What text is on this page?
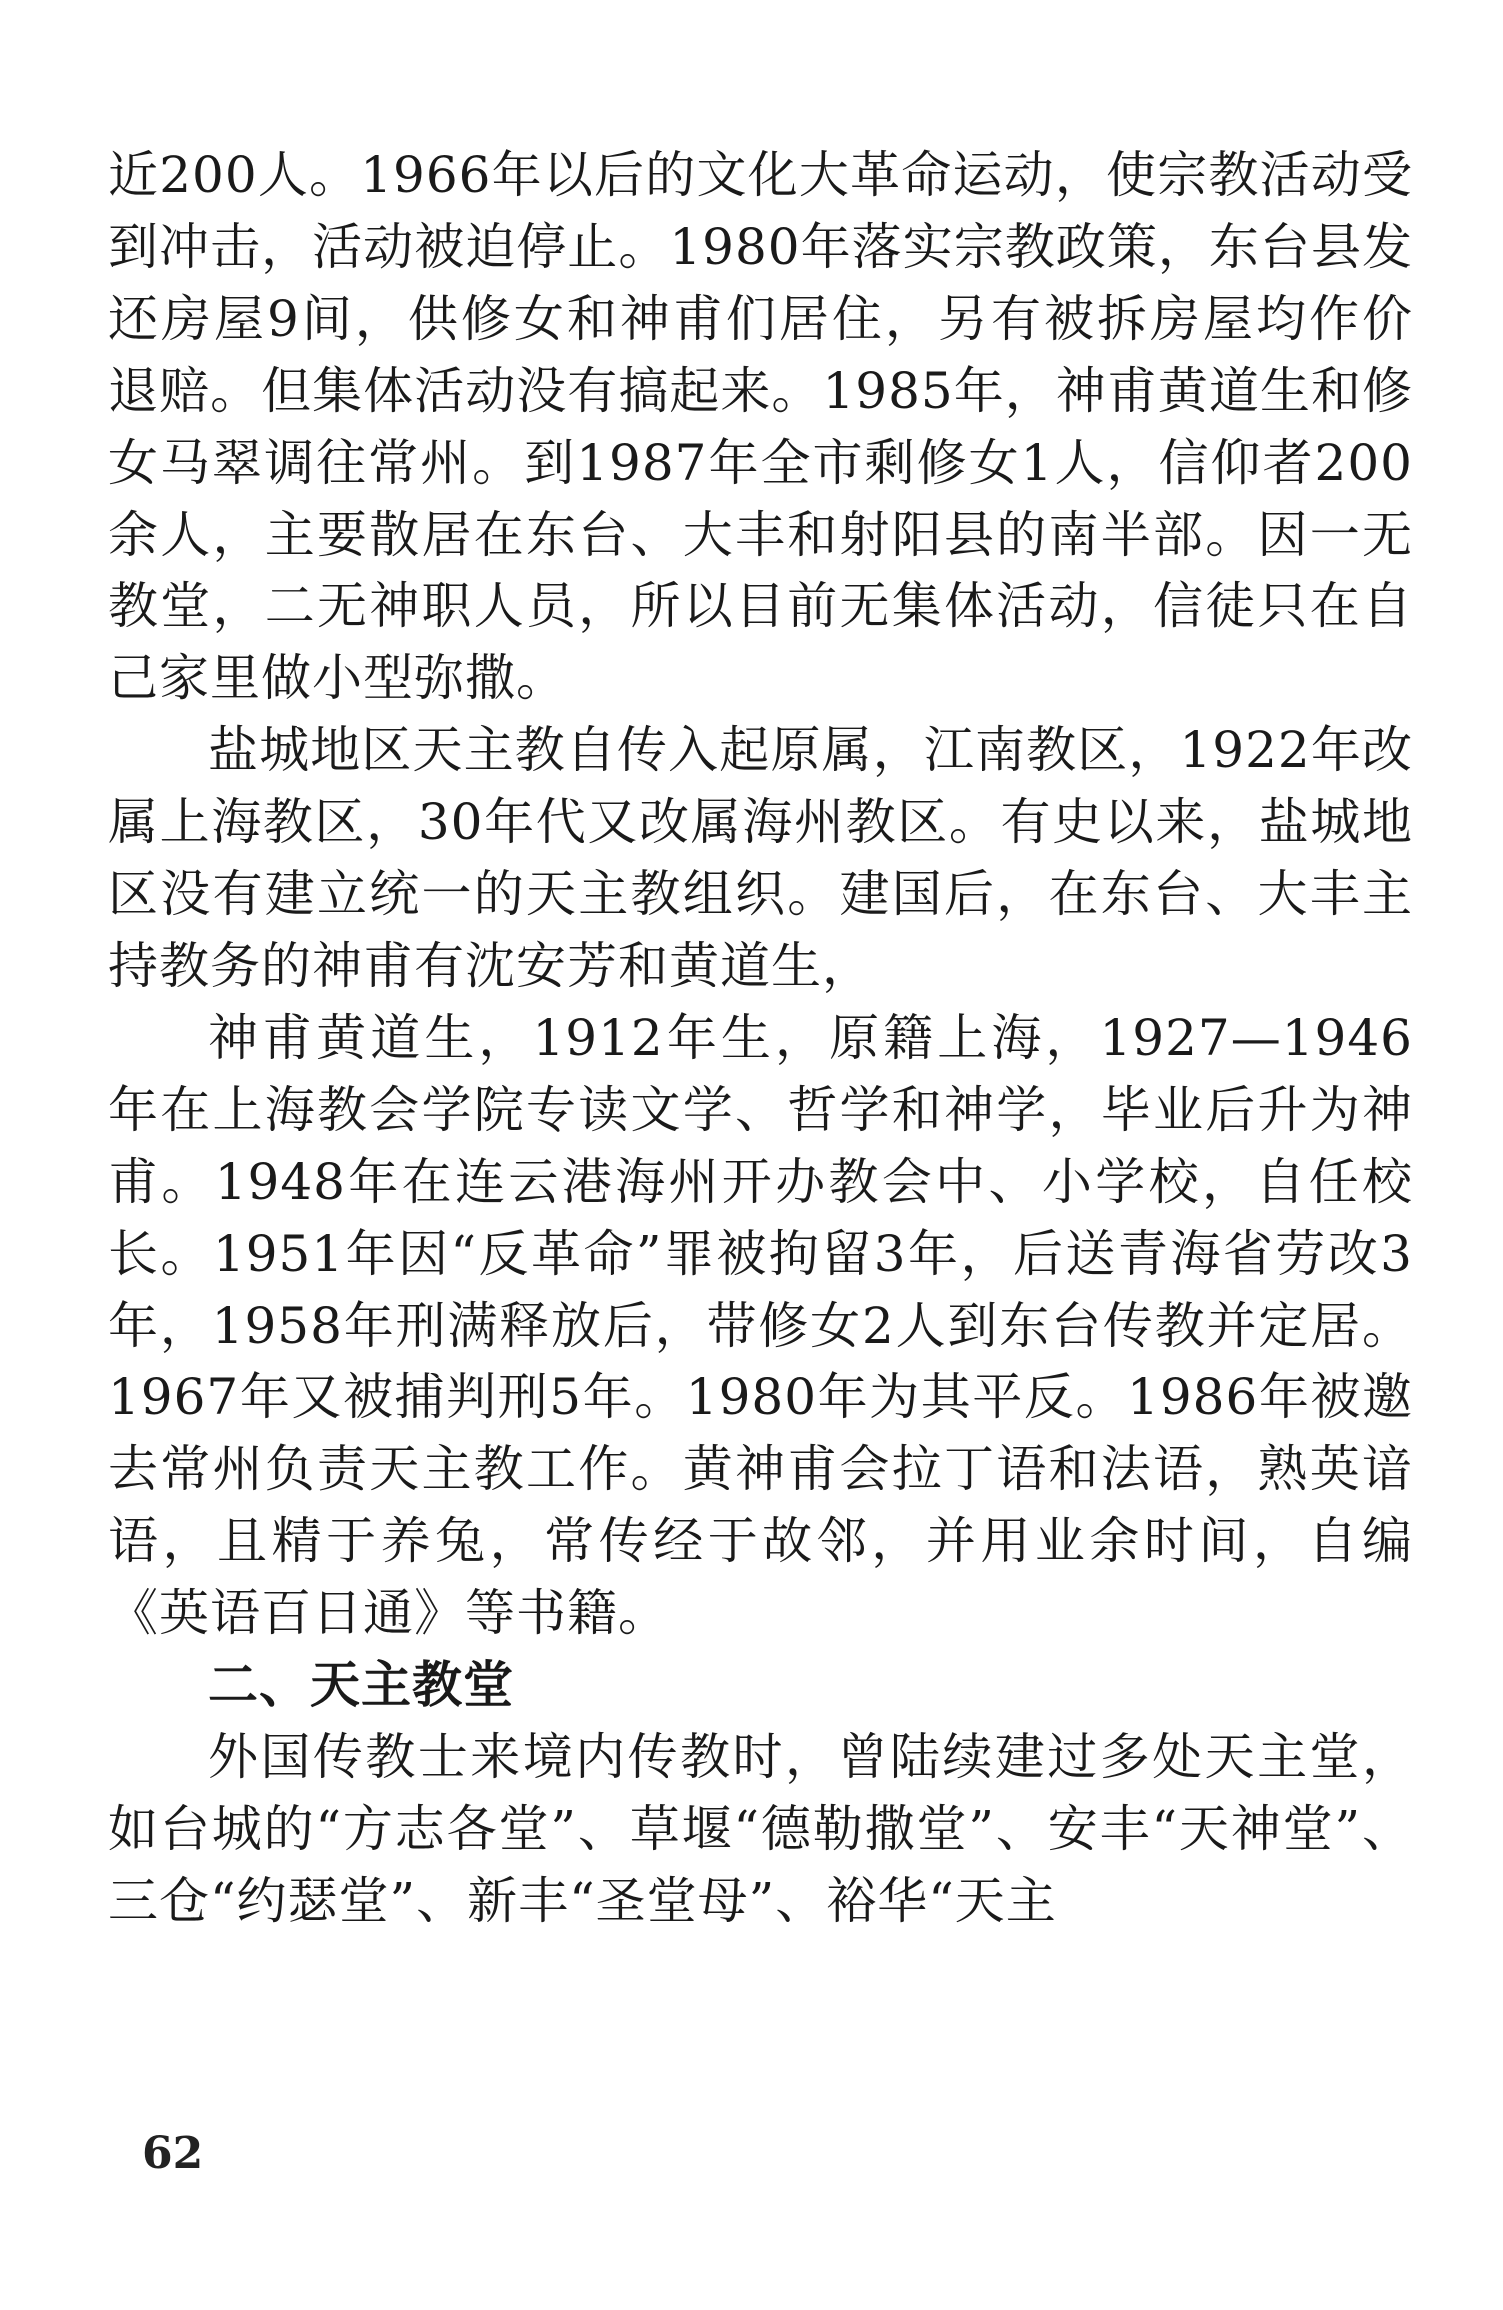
近200人。1966年以后的文化大革命运动，使宗教活动受到冲击，活动被迫停止。1980年落实宗教政策，东台县发还房屋9间，供修女和神甫们居住，另有被拆房屋均作价退赔。但集体活动没有搞起来。1985年，神甫黄道生和修女马翠调往常州。到1987年全市剩修女1人，信仰者200余人，主要散居在东台、大丰和射阳县的南半部。因一无教堂，二无神职人员，所以目前无集体活动，信徒只在自己家里做小型弥撒。

盐城地区天主教自传入起原属，江南教区，1922年改属上海教区，30年代又改属海州教区。有史以来，盐城地区没有建立统一的天主教组织。建国后，在东台、大丰主持教务的神甫有沈安芳和黄道生，

神甫黄道生，1912年生，原籍上海，1927—1946年在上海教会学院专读文学、哲学和神学，毕业后升为神甫。1948年在连云港海州开办教会中、小学校，自任校长。1951年因“反革命”罪被拘留3年，后送青海省劳改3年，1958年刑满释放后，带修女2人到东台传教并定居。1967年又被捕判刑5年。1980年为其平反。1986年被邀去常州负责天主教工作。黄神甫会拉丁语和法语，熟英谙语，且精于养兔，常传经于故邻，并用业余时间，自编《英语百日通》等书籍。

二、天主教堂

外国传教士来境内传教时，曾陆续建过多处天主堂，如台城的“方志各堂”、草堰“德勒撒堂”、安丰“天神堂”、三仓“约瑟堂”、新丰“圣堂母”、裕华“天主

62
